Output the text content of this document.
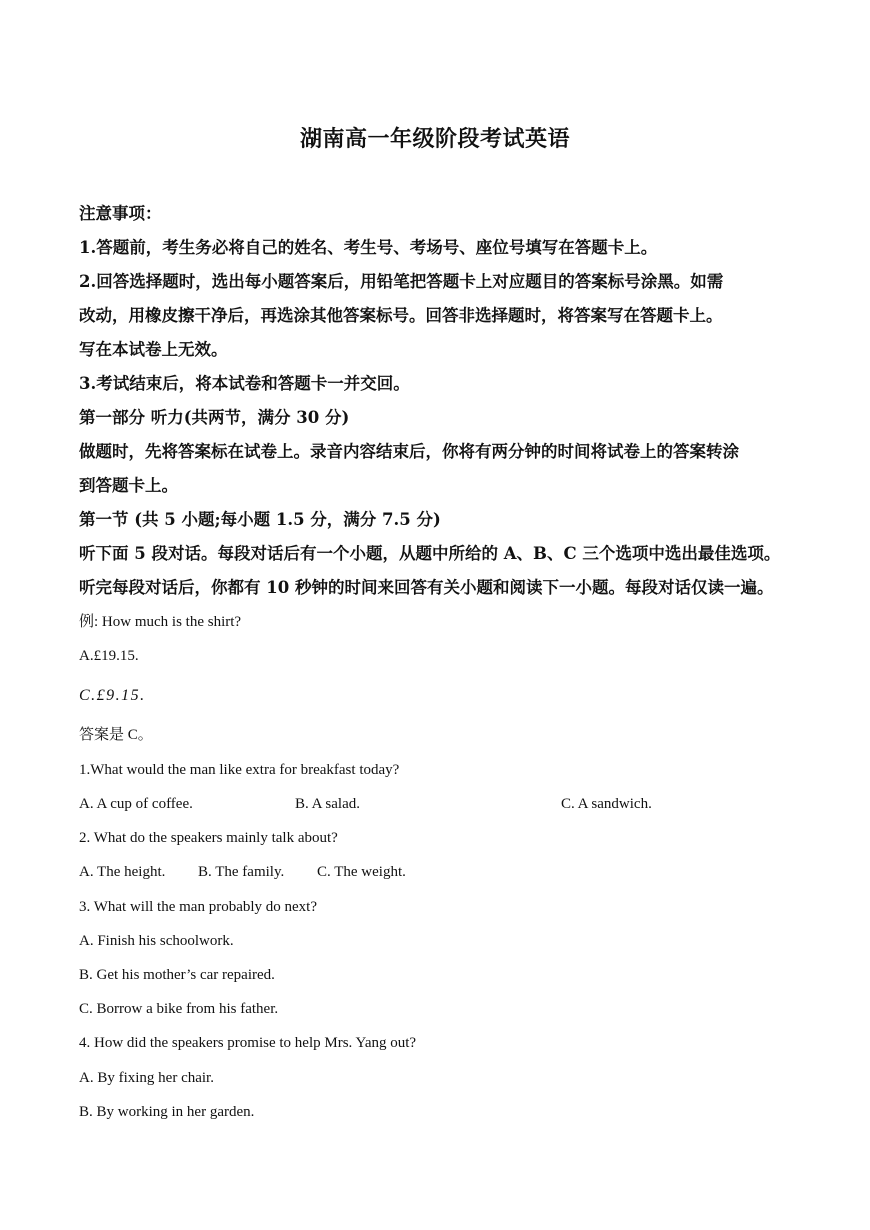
湖南高一年级阶段考试英语
注意事项：
1.答题前，考生务必将自己的姓名、考生号、考场号、座位号填写在答题卡上。
2.回答选择题时，选出每小题答案后，用铅笔把答题卡上对应题目的答案标号涂黑。如需
改动，用橡皮擦干净后，再选涂其他答案标号。回答非选择题时，将答案写在答题卡上。
写在本试卷上无效。
3.考试结束后，将本试卷和答题卡一并交回。
第一部分 听力(共两节，满分 30 分)
做题时，先将答案标在试卷上。录音内容结束后，你将有两分钟的时间将试卷上的答案转涂
到答题卡上。
第一节 (共 5 小题;每小题 1.5 分，满分 7.5 分)
听下面 5 段对话。每段对话后有一个小题，从题中所给的 A、B、C 三个选项中选出最佳选项。
听完每段对话后，你都有 10 秒钟的时间来回答有关小题和阅读下一小题。每段对话仅读一遍。
例: How much is the shirt?
A.£19.15.
C.£9.15.
答案是 C。
1.What would the man like extra for breakfast today?
A. A cup of coffee.	B. A salad.	C. A sandwich.
2. What do the speakers mainly talk about?
A. The height. B. The family. C. The weight.
3. What will the man probably do next?
A. Finish his schoolwork.
B. Get his mother’s car repaired.
C. Borrow a bike from his father.
4. How did the speakers promise to help Mrs. Yang out?
A. By fixing her chair.
B. By working in her garden.
